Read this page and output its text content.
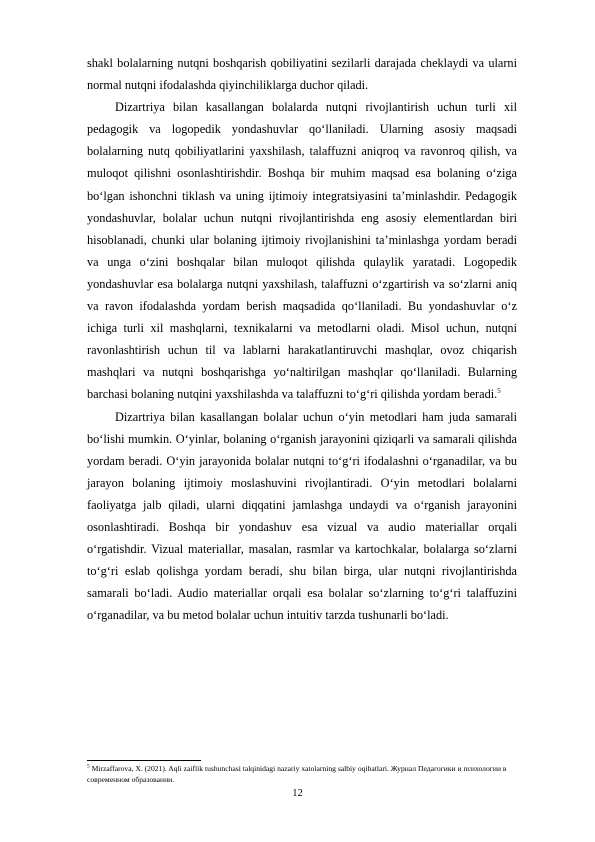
shakl bolalarning nutqni boshqarish qobiliyatini sezilarli darajada cheklaydi va ularni normal nutqni ifodalashda qiyinchiliklarga duchor qiladi.

Dizartriya bilan kasallangan bolalarda nutqni rivojlantirish uchun turli xil pedagogik va logopedik yondashuvlar qo‘llaniladi. Ularning asosiy maqsadi bolalarning nutq qobiliyatlarini yaxshilash, talaffuzni aniqroq va ravonroq qilish, va muloqot qilishni osonlashtirishdir. Boshqa bir muhim maqsad esa bolaning o‘ziga bo‘lgan ishonchni tiklash va uning ijtimoiy integratsiyasini ta’minlashdir. Pedagogik yondashuvlar, bolalar uchun nutqni rivojlantirishda eng asosiy elementlardan biri hisoblanadi, chunki ular bolaning ijtimoiy rivojlanishini ta’minlashga yordam beradi va unga o‘zini boshqalar bilan muloqot qilishda qulaylik yaratadi. Logopedik yondashuvlar esa bolalarga nutqni yaxshilash, talaffuzni o‘zgartirish va so‘zlarni aniq va ravon ifodalashda yordam berish maqsadida qo‘llaniladi. Bu yondashuvlar o‘z ichiga turli xil mashqlarni, texnikalarni va metodlarni oladi. Misol uchun, nutqni ravonlashtirish uchun til va lablarni harakatlantiruvchi mashqlar, ovoz chiqarish mashqlari va nutqni boshqarishga yo‘naltirilgan mashqlar qo‘llaniladi. Bularning barchasi bolaning nutqini yaxshilashda va talaffuzni to‘g‘ri qilishda yordam beradi.$^5$

Dizartriya bilan kasallangan bolalar uchun o‘yin metodlari ham juda samarali bo‘lishi mumkin. O‘yinlar, bolaning o‘rganish jarayonini qiziqarli va samarali qilishda yordam beradi. O‘yin jarayonida bolalar nutqni to‘g‘ri ifodalashni o‘rganadilar, va bu jarayon bolaning ijtimoiy moslashuvini rivojlantiradi. O‘yin metodlari bolalarni faoliyatga jalb qiladi, ularni diqqatini jamlashga undaydi va o‘rganish jarayonini osonlashtiradi. Boshqa bir yondashuv esa vizual va audio materiallar orqali o‘rgatishdir. Vizual materiallar, masalan, rasmlar va kartochkalar, bolalarga so‘zlarni to‘g‘ri eslab qolishga yordam beradi, shu bilan birga, ular nutqni rivojlantirishda samarali bo‘ladi. Audio materiallar orqali esa bolalar so‘zlarning to‘g‘ri talaffuzini o‘rganadilar, va bu metod bolalar uchun intuitiv tarzda tushunarli bo‘ladi.

$^5$ Mirzaffarova, X. (2021). Aqli zaiflik tushunchasi talqinidagi nazariy xatolarning salbiy oqibatlari. Журнал Педагогики и психологии в современном образовании.
12
